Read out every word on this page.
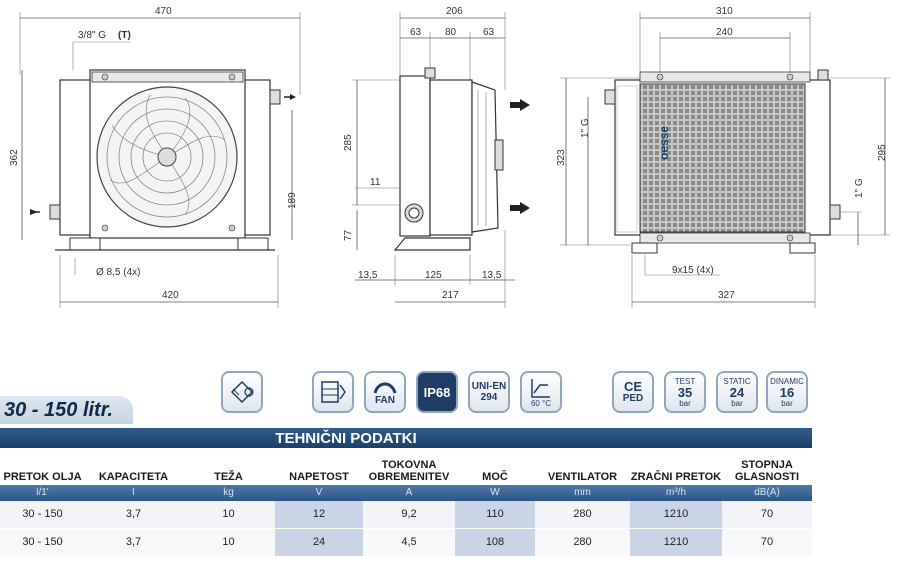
470
3/8" G (T)
362
189
Ø 8,5 (4x)
420
206
63 80	63
285
11
77
13,5	125	13,5
217
310
240
oesse
323
1" G
295
1" G
9x15 (4x)
327
30 - 150 litr.	FAN
IP68 UNI-EN
294	60 °C
CE
PED
TEST
35
bar
STATIC
24
bar
DINAMIC
16
bar
TEHNIČNI PODATKI
PRETOK OLJA	KAPACITETA	TEŽA	NAPETOST
TOKOVNA OBREMENITEV	MOČ	VENTILATOR	ZRAČNI PRETOK
STOPNJA GLASNOSTI
l/1'	l	kg	V	A	W	mm	m³/h	dB(A)
30 - 150	3,7	10	12	9,2	110	280	1210	70
30 - 150	3,7	10	24	4,5	108	280	1210	70
